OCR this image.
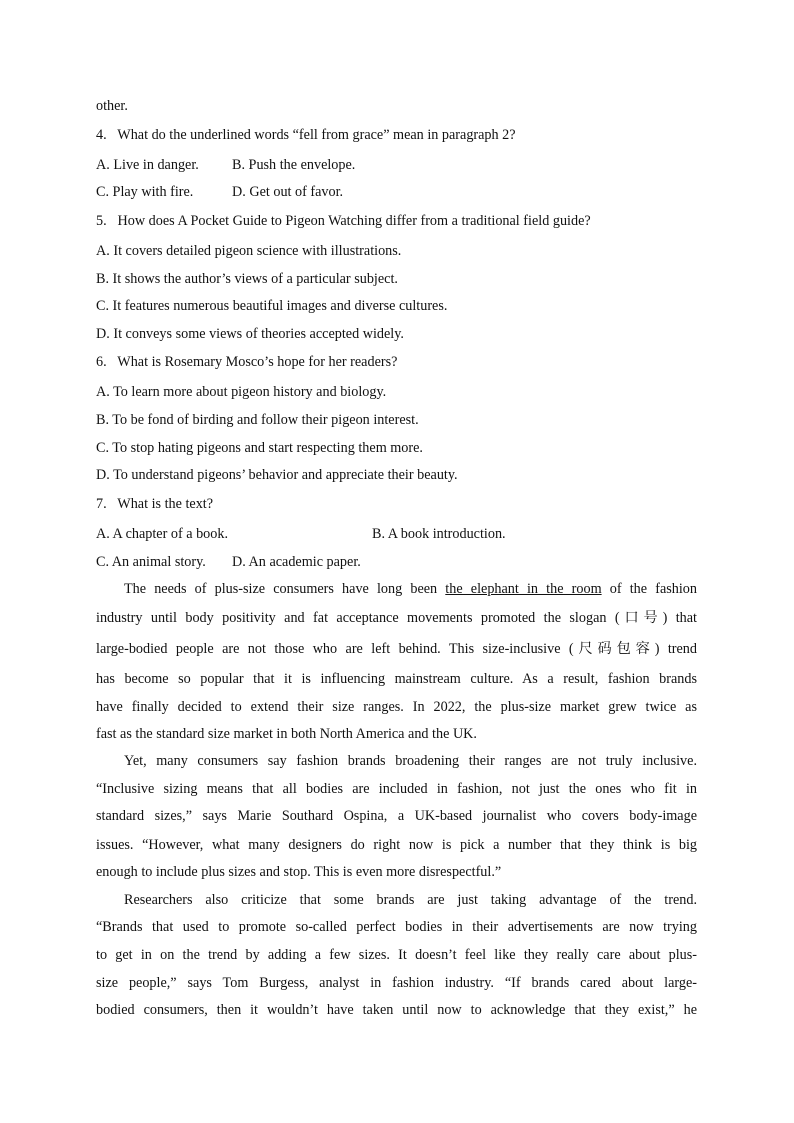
other.
4. What do the underlined words “fell from grace” mean in paragraph 2?
A. Live in danger. B. Push the envelope.
C. Play with fire.	D. Get out of favor.
5. How does A Pocket Guide to Pigeon Watching differ from a traditional field guide?
A. It covers detailed pigeon science with illustrations.
B. It shows the author’s views of a particular subject.
C. It features numerous beautiful images and diverse cultures.
D. It conveys some views of theories accepted widely.
6. What is Rosemary Mosco’s hope for her readers?
A. To learn more about pigeon history and biology.
B. To be fond of birding and follow their pigeon interest.
C. To stop hating pigeons and start respecting them more.
D. To understand pigeons’ behavior and appreciate their beauty.
7. What is the text?
A. A chapter of a book.	B. A book introduction.
C. An animal story. D. An academic paper.
The needs of plus-size consumers have long been the elephant in the room of the fashion
industry until body positivity and fat acceptance movements promoted the slogan (口号) that
large-bodied people are not those who are left behind. This size-inclusive (尺码包容) trend
has become so popular that it is influencing mainstream culture. As a result, fashion brands
have finally decided to extend their size ranges. In 2022, the plus-size market grew twice as
fast as the standard size market in both North America and the UK.
Yet, many consumers say fashion brands broadening their ranges are not truly inclusive.
“Inclusive sizing means that all bodies are included in fashion, not just the ones who fit in
standard sizes,” says Marie Southard Ospina, a UK-based journalist who covers body-image
issues. “However, what many designers do right now is pick a number that they think is big
enough to include plus sizes and stop. This is even more disrespectful.”
Researchers also criticize that some brands are just taking advantage of the trend.
“Brands that used to promote so-called perfect bodies in their advertisements are now trying
to get in on the trend by adding a few sizes. It doesn’t feel like they really care about plus-
size people,” says Tom Burgess, analyst in fashion industry. “If brands cared about large-
bodied consumers, then it wouldn’t have taken until now to acknowledge that they exist,” he
